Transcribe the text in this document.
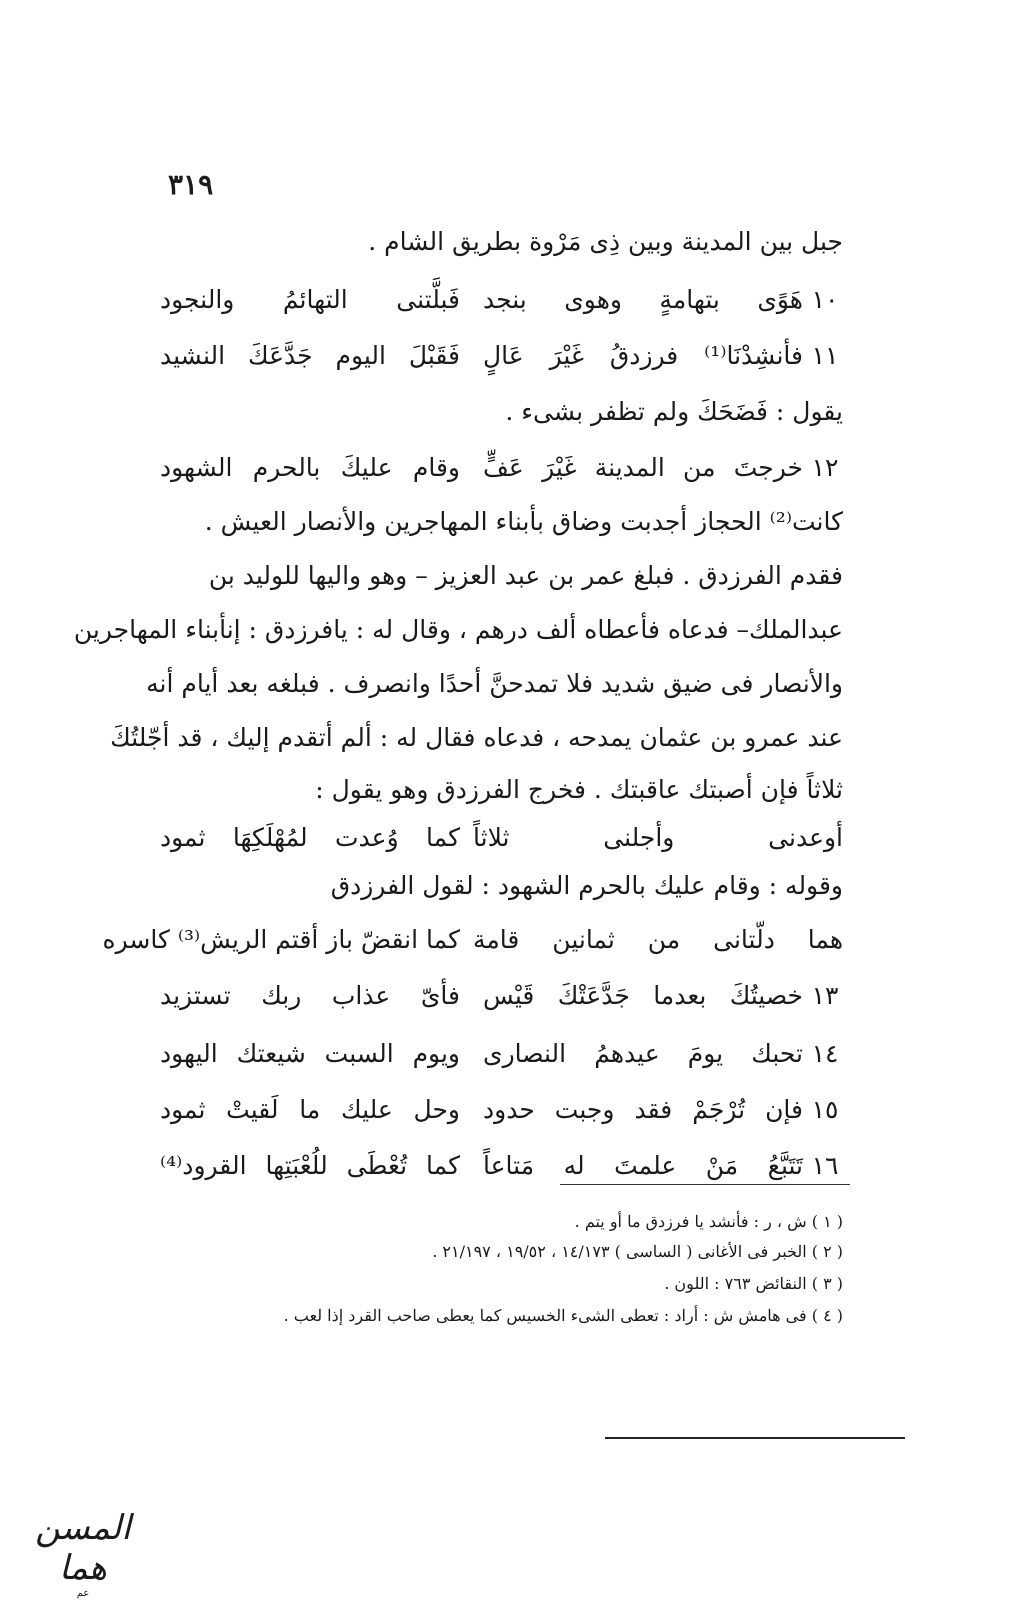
٣١٩
جبل بين المدينة وبين ذِى مَرْوة بطريق الشام .
١٠
هَوًى بتهامةٍ وهوى بنجد
فَبلَّتنى التهائمُ والنجود
١١
فأنشِدْنَا⁽¹⁾ فرزدقُ غَيْرَ عَالٍ
فَقَبْلَ اليوم جَدَّعَكَ النشيد
يقول : فَضَحَكَ ولم تظفر بشىء .
١٢
خرجتَ من المدينة غَيْرَ عَفٍّ
وقام عليكَ بالحرم الشهود
كانت⁽²⁾ الحجاز أجدبت وضاق بأبناء المهاجرين والأنصار العيش .
فقدم الفرزدق . فبلغ عمر بن عبد العزيز – وهو واليها للوليد بن
عبدالملك– فدعاه فأعطاه ألف درهم ، وقال له : يافرزدق : إنأبناء المهاجرين
والأنصار فى ضيق شديد فلا تمدحنَّ أحدًا وانصرف . فبلغه بعد أيام أنه
عند عمرو بن عثمان يمدحه ، فدعاه فقال له : ألم أتقدم إليك ، قد أجّلتُكَ
ثلاثاً فإن أصبتك عاقبتك . فخرج الفرزدق وهو يقول :
أوعدنى وأجلنى ثلاثاً
كما وُعدت لمُهْلَكِهَا ثمود
وقوله : وقام عليك بالحرم الشهود : لقول الفرزدق
هما دلّتانى من ثمانين قامة
كما انقضّ باز أقتم الريش⁽³⁾ كاسره
١٣
خصيتُكَ بعدما جَدَّعَتْكَ قَيْس
فأىّ عذاب ربك تستزيد
١٤
تحبك يومَ عيدهمُ النصارى
ويوم السبت شيعتك اليهود
١٥
فإن تُرْجَمْ فقد وجبت حدود
وحل عليك ما لَقيتْ ثمود
١٦
تَتَبَّعُ مَنْ علمتَ له مَتاعاً
كما تُعْطَى للُعْبَتِها القرود⁽⁴⁾
( ١ ) ش ، ر : فأنشد يا فرزدق ما أو يتم .
( ٢ ) الخبر فى الأغانى ( الساسى ) ١٤/١٧٣ ، ١٩/٥٢ ، ٢١/١٩٧ .
( ٣ ) النقائض ٧٦٣ : اللون .
( ٤ ) فى هامش ش : أراد : تعطى الشىء الخسيس كما يعطى صاحب القرد إذا لعب .
المسن هما
عم
